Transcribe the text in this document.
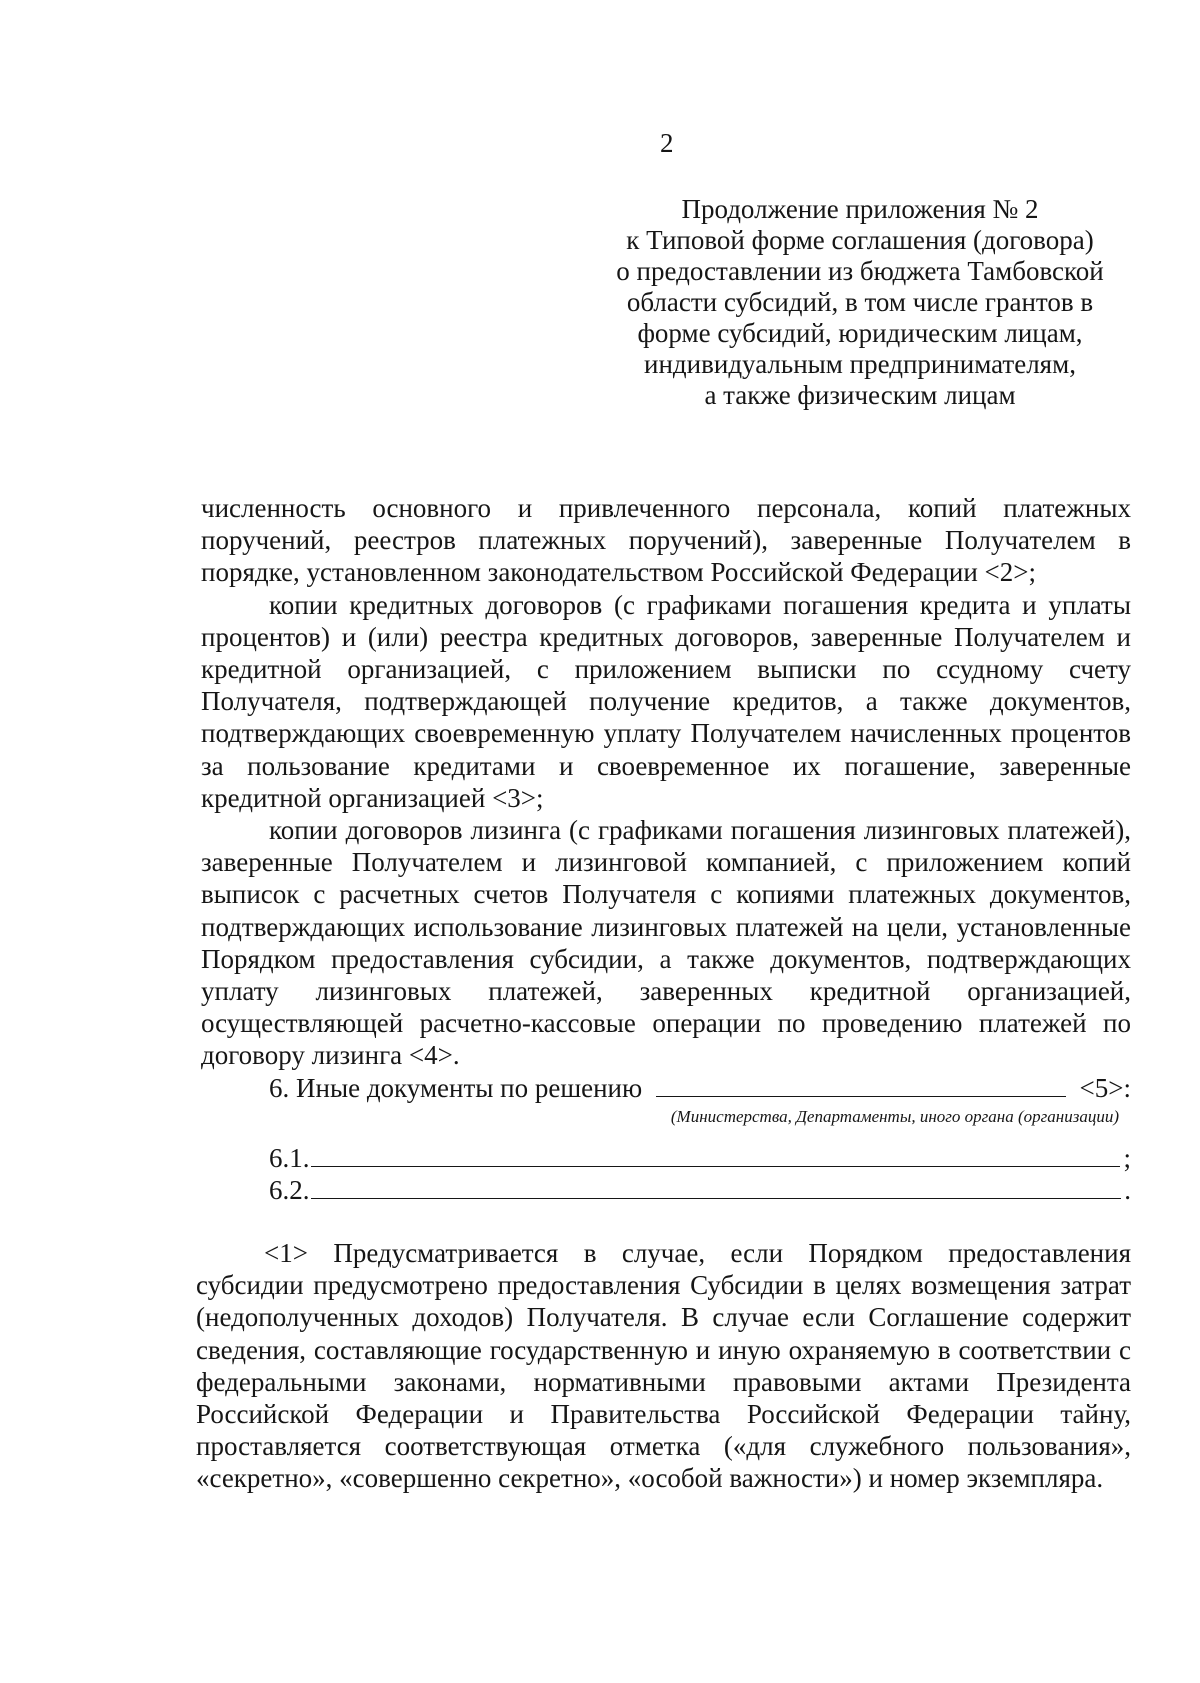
2
Продолжение приложения № 2
к Типовой форме соглашения (договора)
о предоставлении из бюджета Тамбовской
области субсидий, в том числе грантов в
форме субсидий, юридическим лицам,
индивидуальным предпринимателям,
а также физическим лицам

численность основного и привлеченного персонала, копий платежных поручений, реестров платежных поручений), заверенные Получателем в порядке, установленном законодательством Российской Федерации <2>;

копии кредитных договоров (с графиками погашения кредита и уплаты процентов) и (или) реестра кредитных договоров, заверенные Получателем и кредитной организацией, с приложением выписки по ссудному счету Получателя, подтверждающей получение кредитов, а также документов, подтверждающих своевременную уплату Получателем начисленных процентов за пользование кредитами и своевременное их погашение, заверенные кредитной организацией <3>;

копии договоров лизинга (с графиками погашения лизинговых платежей), заверенные Получателем и лизинговой компанией, с приложением копий выписок с расчетных счетов Получателя с копиями платежных документов, подтверждающих использование лизинговых платежей на цели, установленные Порядком предоставления субсидии, а также документов, подтверждающих уплату лизинговых платежей, заверенных кредитной организацией, осуществляющей расчетно-кассовые операции по проведению платежей по договору лизинга <4>.

6. Иные документы по решению	<5>:
(Министерства, Департаменты, иного органа (организации)
6.1.	;
6.2.	.

<1> Предусматривается в случае, если Порядком предоставления субсидии предусмотрено предоставления Субсидии в целях возмещения затрат (недополученных доходов) Получателя. В случае если Соглашение содержит сведения, составляющие государственную и иную охраняемую в соответствии с федеральными законами, нормативными правовыми актами Президента Российской Федерации и Правительства Российской Федерации тайну, проставляется соответствующая отметка («для служебного пользования», «секретно», «совершенно секретно», «особой важности») и номер экземпляра.
